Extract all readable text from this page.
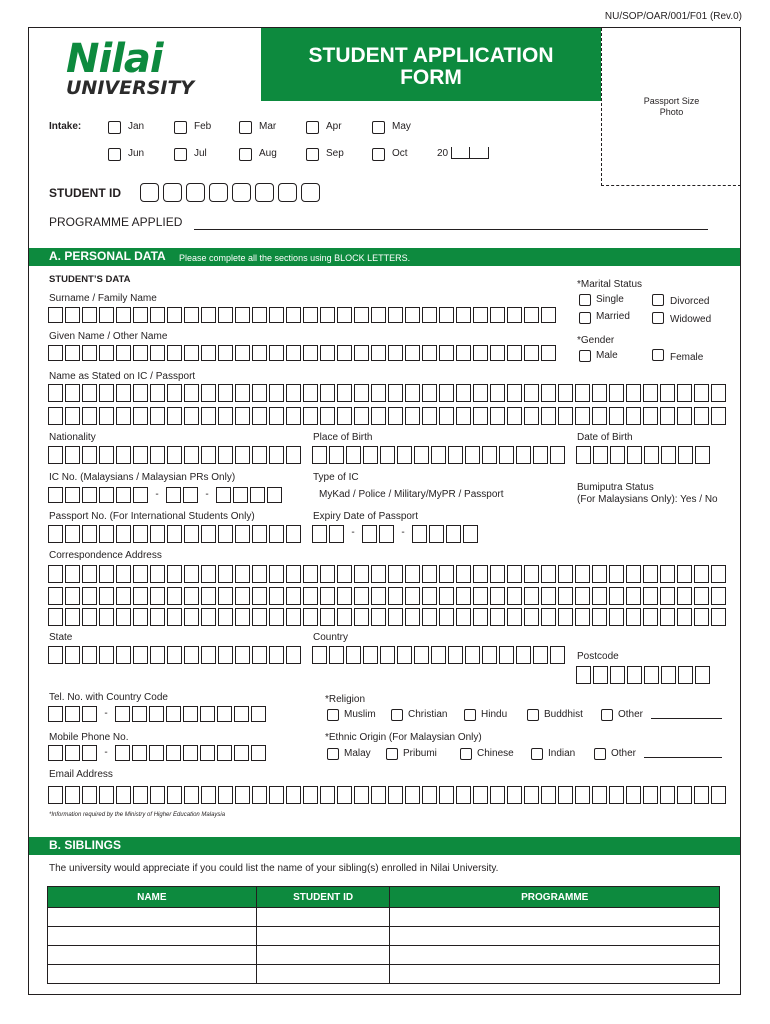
NU/SOP/OAR/001/F01 (Rev.0)
Nilai
UNIVERSITY
STUDENT APPLICATION
FORM
Passport Size
Photo
Intake:	Jan	Feb	Mar	Apr	May
Jun	Jul	Aug	Sep	Oct	20
STUDENT ID
PROGRAMME APPLIED
A. PERSONAL DATA Please complete all the sections using BLOCK LETTERS.
STUDENT’S DATA
Surname / Family Name
Given Name / Other Name
*Marital Status
Single	Divorced
Married	Widowed
*Gender
Male	Female
Name as Stated on IC / Passport
Nationality	Place of Birth	Date of Birth
IC No. (Malaysians / Malaysian PRs Only)
-	-
Type of IC
MyKad / Police / Military/MyPR / Passport
Bumiputra Status
(For Malaysians Only): Yes / No
Passport No. (For International Students Only)	Expiry Date of Passport
-	-
Correspondence Address
State	Country
Postcode
Tel. No. with Country Code
-
Mobile Phone No.
-
*Religion
Muslim	Christian	Hindu	Buddhist	Other
*Ethnic Origin (For Malaysian Only)
Malay	Pribumi	Chinese	Indian	Other
Email Address
*Information required by the Ministry of Higher Education Malaysia
B. SIBLINGS
The university would appreciate if you could list the name of your sibling(s) enrolled in Nilai University.
NAME	STUDENT ID	PROGRAMME
